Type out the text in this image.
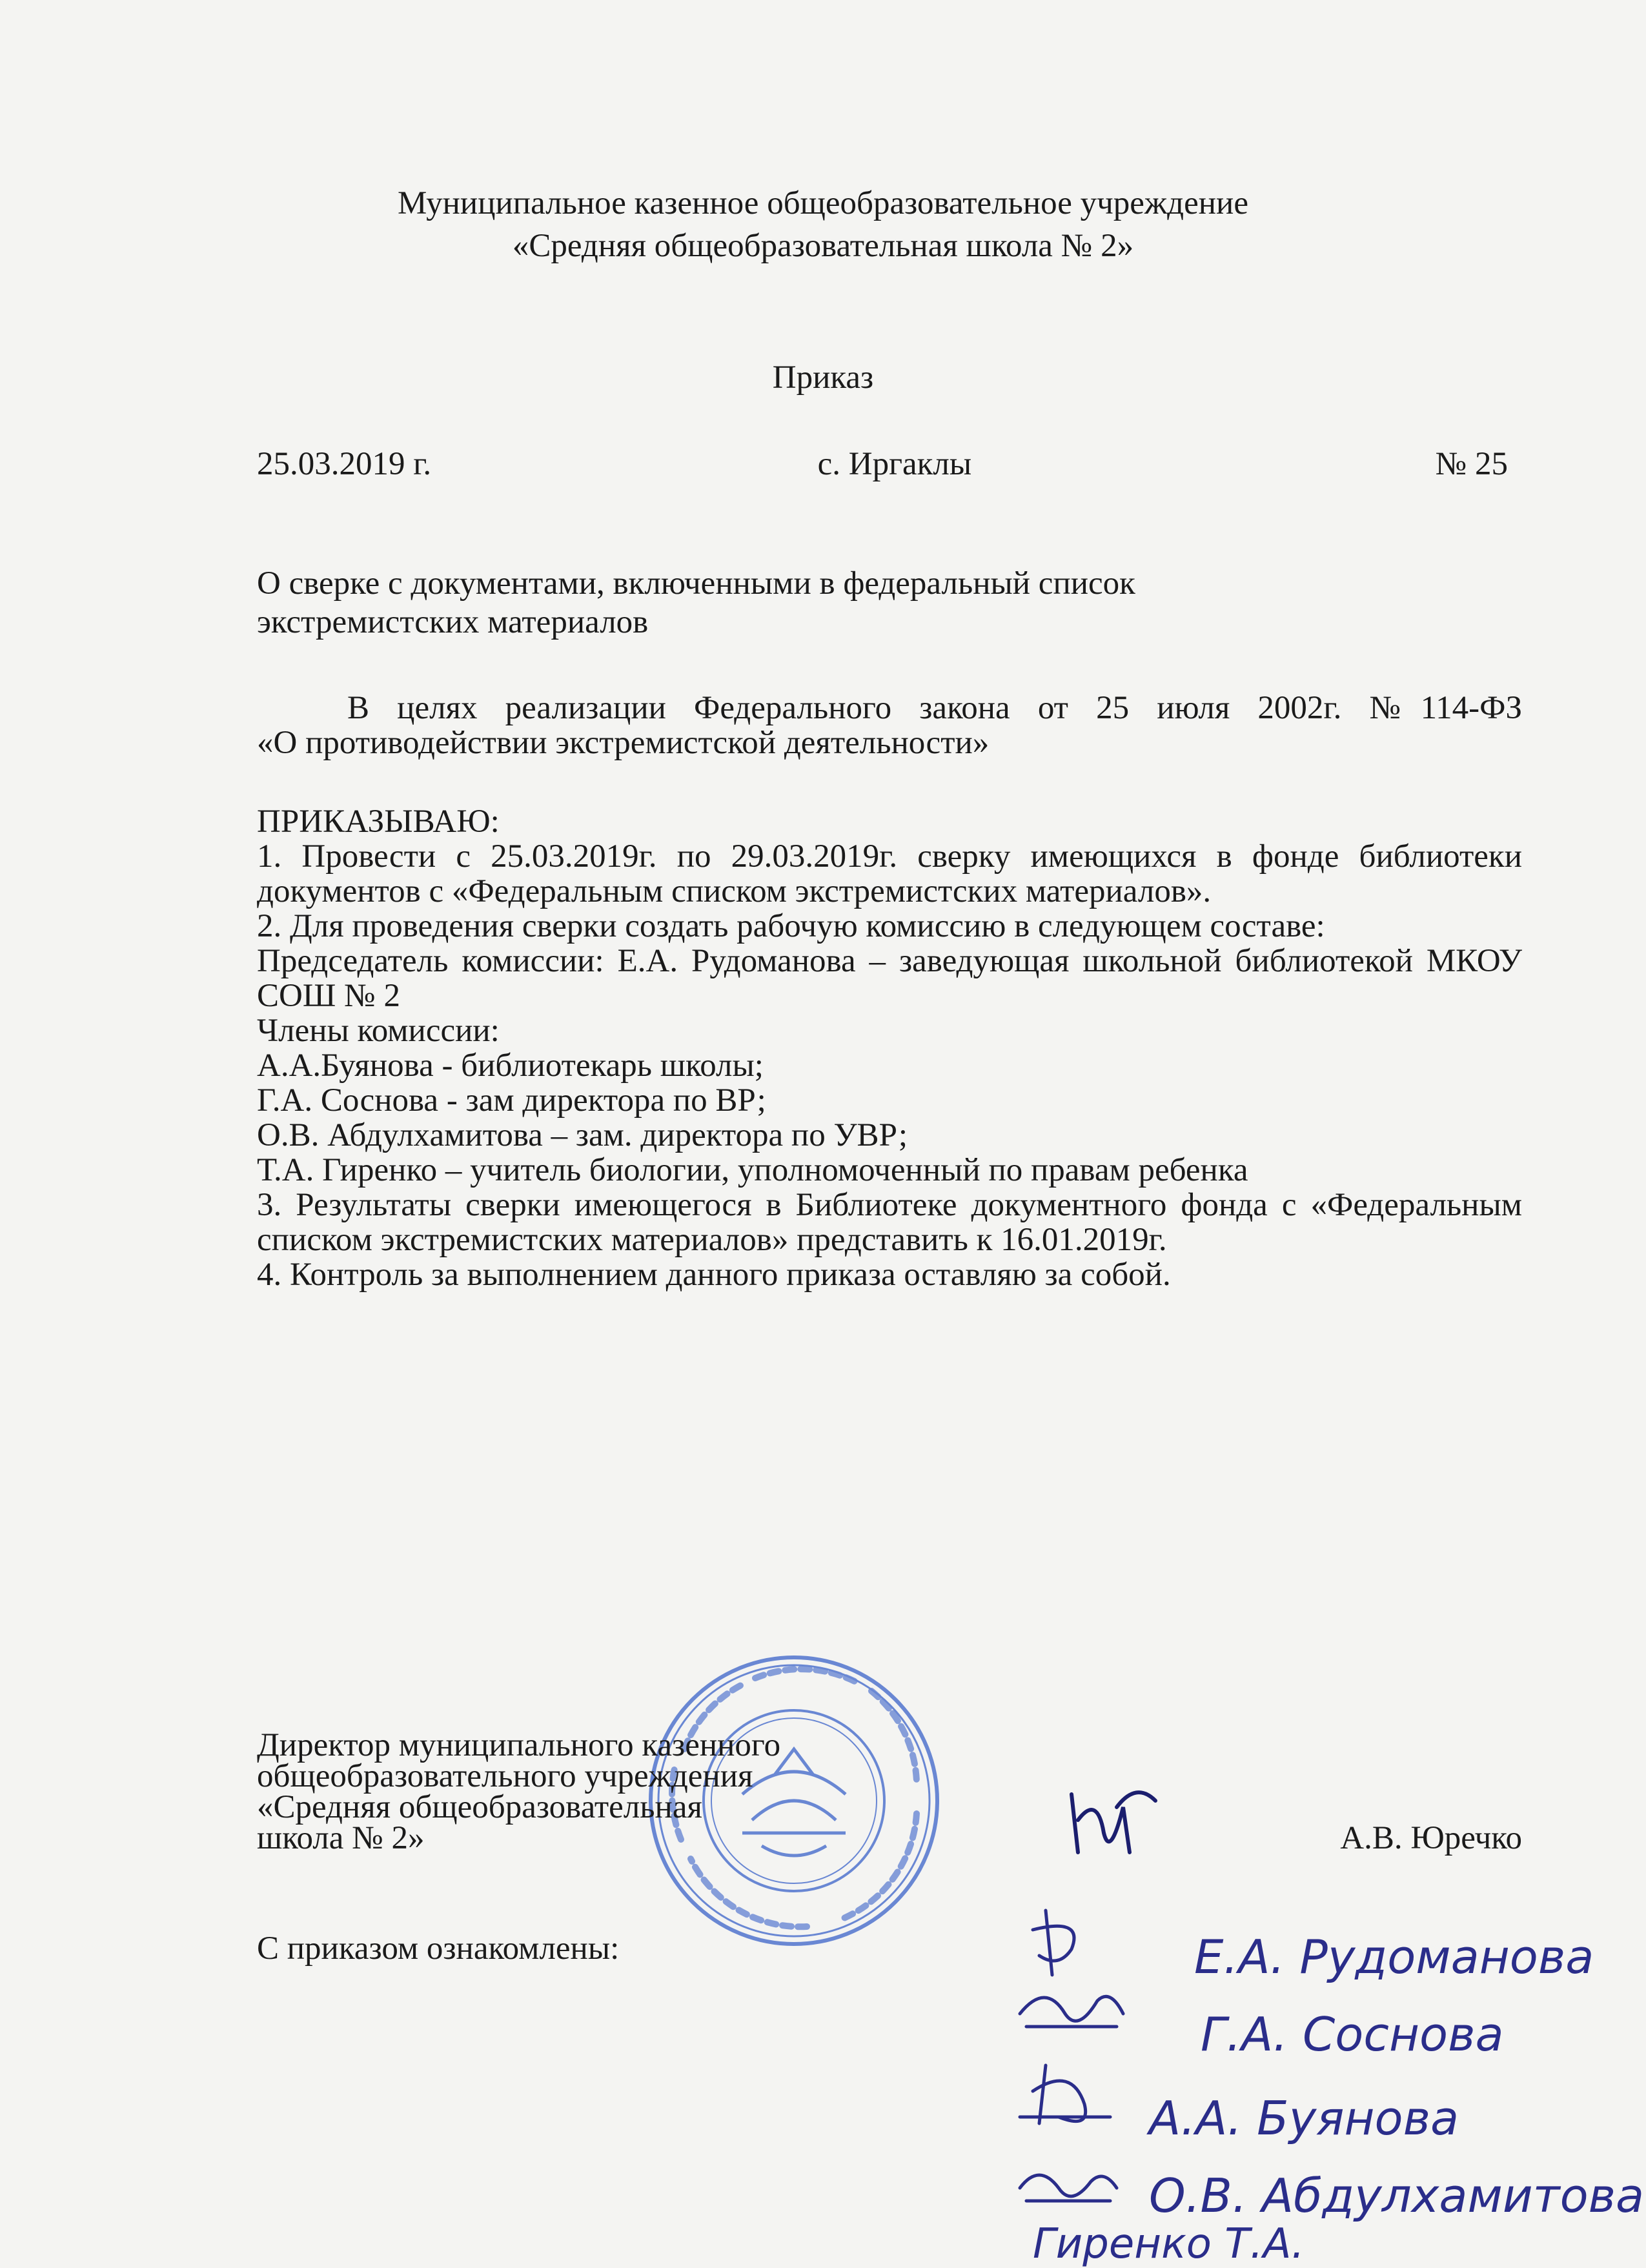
Муниципальное казенное общеобразовательное учреждение
«Средняя общеобразовательная школа № 2»
Приказ
25.03.2019 г.	с. Иргаклы	№ 25
О сверке с документами, включенными в федеральный список
экстремистских материалов

В целях реализации Федерального закона от 25 июля 2002г. №114-ФЗ

«О противодействии экстремистской деятельности»

ПРИКАЗЫВАЮ:

1. Провести с 25.03.2019г. по 29.03.2019г. сверку имеющихся в фонде библиотеки документов с «Федеральным списком экстремистских материалов».

2. Для проведения сверки создать рабочую комиссию в следующем составе:

Председатель комиссии: Е.А. Рудоманова – заведующая школьной библиотекой МКОУ СОШ № 2

Члены комиссии:

А.А.Буянова - библиотекарь школы;

Г.А. Соснова - зам директора по ВР;

О.В. Абдулхамитова – зам. директора по УВР;

Т.А. Гиренко – учитель биологии, уполномоченный по правам ребенка

3. Результаты сверки имеющегося в Библиотеке документного фонда с «Федеральным списком экстремистских материалов» представить к 16.01.2019г.

4. Контроль за выполнением данного приказа оставляю за собой.

Директор муниципального казенного
общеобразовательного учреждения
«Средняя общеобразовательная
школа № 2»	А.В. Юречко
С приказом ознакомлены:	Е.А. Рудоманова
Г.А. Соснова
А.А. Буянова
О.В. Абдулхамитова
Гиренко Т.А.
